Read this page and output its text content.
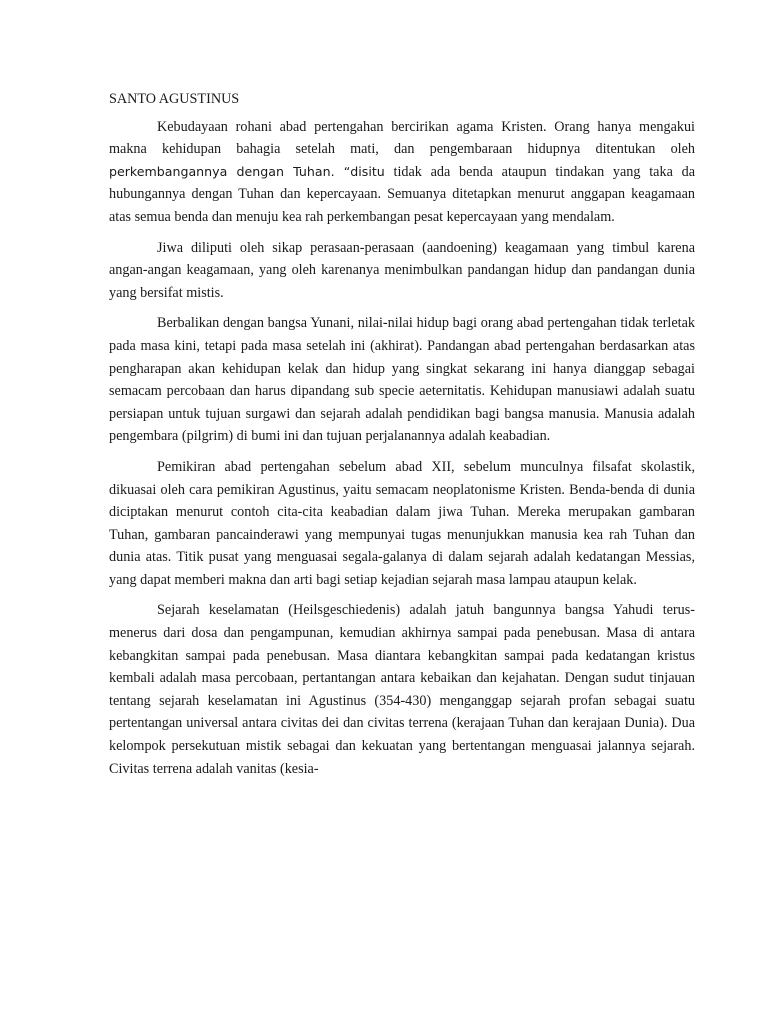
SANTO AGUSTINUS

Kebudayaan rohani abad pertengahan bercirikan agama Kristen. Orang hanya mengakui makna kehidupan bahagia setelah mati, dan pengembaraan hidupnya ditentukan oleh perkembangannya dengan Tuhan. “disitu tidak ada benda ataupun tindakan yang taka da hubungannya dengan Tuhan dan kepercayaan. Semuanya ditetapkan menurut anggapan keagamaan atas semua benda dan menuju kea rah perkembangan pesat kepercayaan yang mendalam.

Jiwa diliputi oleh sikap perasaan-perasaan (aandoening) keagamaan yang timbul karena angan-angan keagamaan, yang oleh karenanya menimbulkan pandangan hidup dan pandangan dunia yang bersifat mistis.

Berbalikan dengan bangsa Yunani, nilai-nilai hidup bagi orang abad pertengahan tidak terletak pada masa kini, tetapi pada masa setelah ini (akhirat). Pandangan abad pertengahan berdasarkan atas pengharapan akan kehidupan kelak dan hidup yang singkat sekarang ini hanya dianggap sebagai semacam percobaan dan harus dipandang sub specie aeternitatis. Kehidupan manusiawi adalah suatu persiapan untuk tujuan surgawi dan sejarah adalah pendidikan bagi bangsa manusia. Manusia adalah pengembara (pilgrim) di bumi ini dan tujuan perjalanannya adalah keabadian.

Pemikiran abad pertengahan sebelum abad XII, sebelum munculnya filsafat skolastik, dikuasai oleh cara pemikiran Agustinus, yaitu semacam neoplatonisme Kristen. Benda-benda di dunia diciptakan menurut contoh cita-cita keabadian dalam jiwa Tuhan. Mereka merupakan gambaran Tuhan, gambaran pancainderawi yang mempunyai tugas menunjukkan manusia kea rah Tuhan dan dunia atas. Titik pusat yang menguasai segala-galanya di dalam sejarah adalah kedatangan Messias, yang dapat memberi makna dan arti bagi setiap kejadian sejarah masa lampau ataupun kelak.

Sejarah keselamatan (Heilsgeschiedenis) adalah jatuh bangunnya bangsa Yahudi terus-menerus dari dosa dan pengampunan, kemudian akhirnya sampai pada penebusan. Masa di antara kebangkitan sampai pada penebusan. Masa diantara kebangkitan sampai pada kedatangan kristus kembali adalah masa percobaan, pertantangan antara kebaikan dan kejahatan. Dengan sudut tinjauan tentang sejarah keselamatan ini Agustinus (354-430) menganggap sejarah profan sebagai suatu pertentangan universal antara civitas dei dan civitas terrena (kerajaan Tuhan dan kerajaan Dunia). Dua kelompok persekutuan mistik sebagai dan kekuatan yang bertentangan menguasai jalannya sejarah. Civitas terrena adalah vanitas (kesia-
